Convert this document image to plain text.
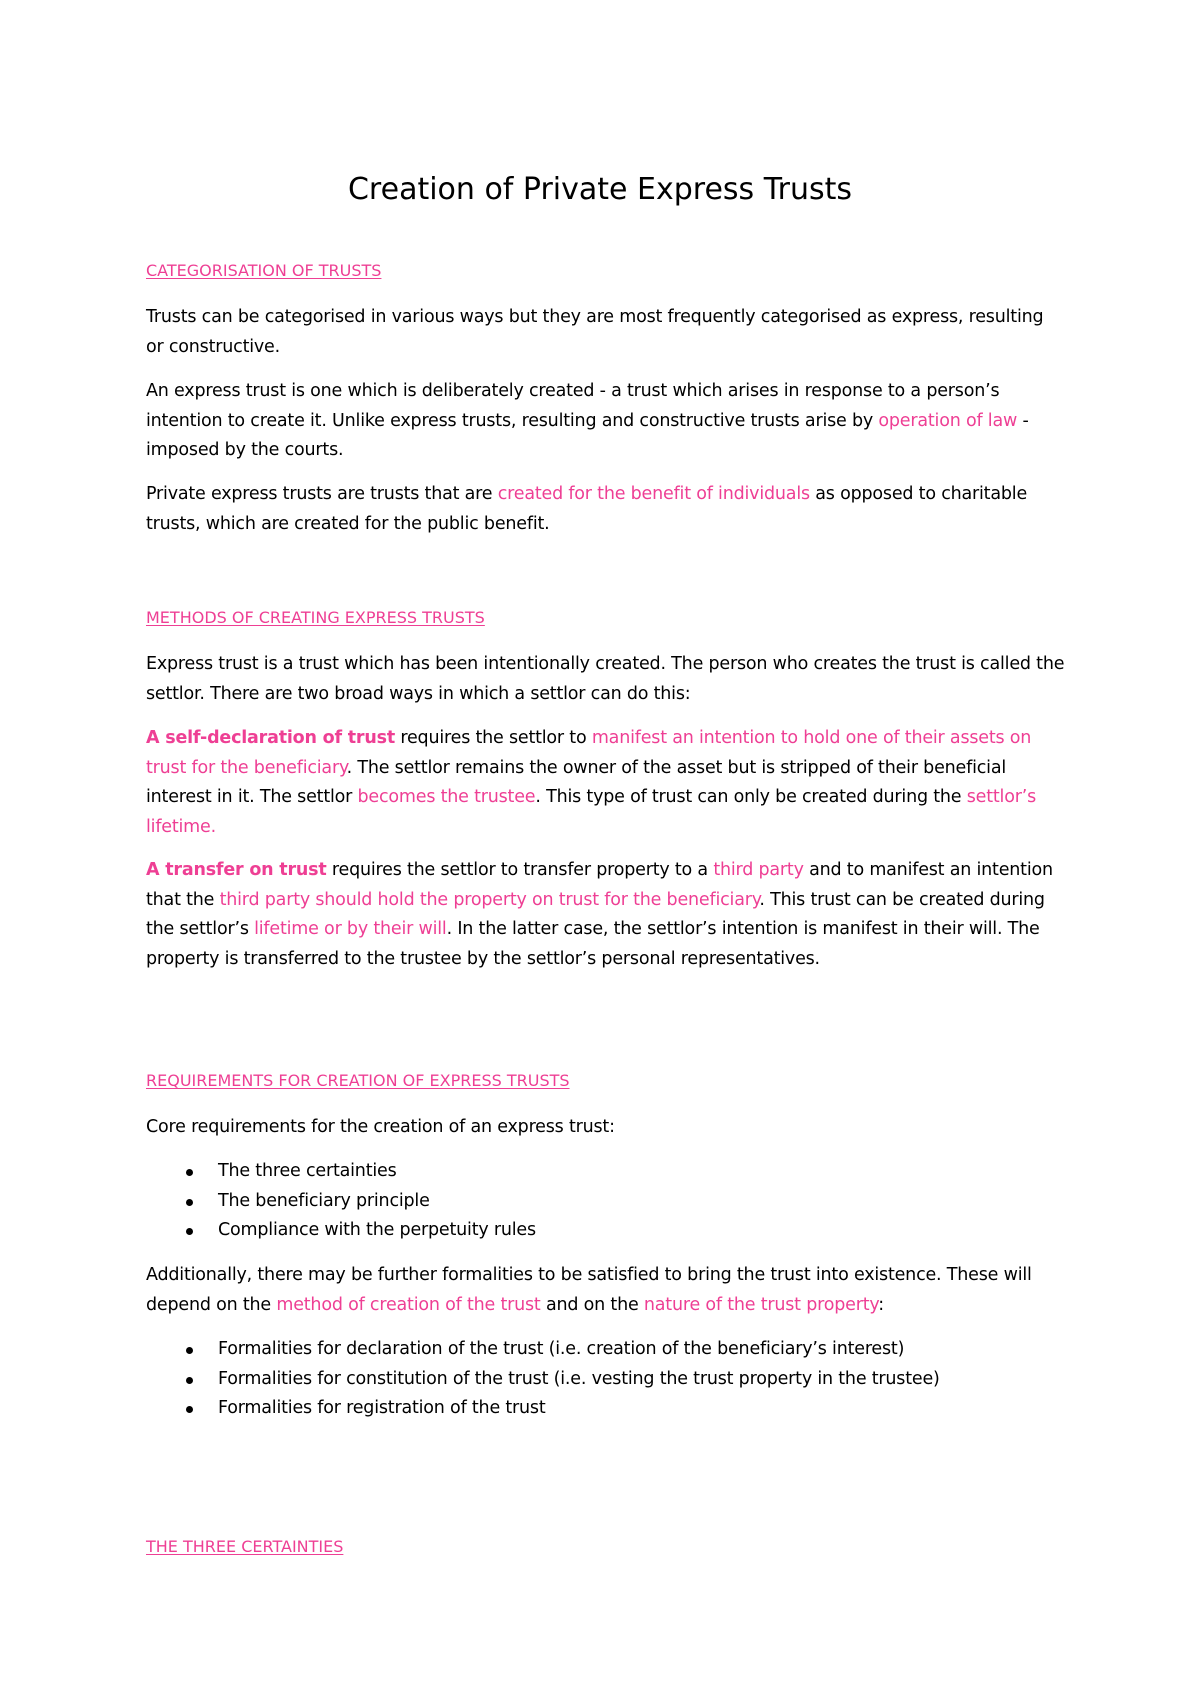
Creation of Private Express Trusts
CATEGORISATION OF TRUSTS

Trusts can be categorised in various ways but they are most frequently categorised as express, resulting or constructive.

An express trust is one which is deliberately created - a trust which arises in response to a person’s intention to create it. Unlike express trusts, resulting and constructive trusts arise by operation of law - imposed by the courts.

Private express trusts are trusts that are created for the benefit of individuals as opposed to charitable trusts, which are created for the public benefit.

METHODS OF CREATING EXPRESS TRUSTS

Express trust is a trust which has been intentionally created. The person who creates the trust is called the settlor. There are two broad ways in which a settlor can do this:

A self-declaration of trust requires the settlor to manifest an intention to hold one of their assets on trust for the beneficiary. The settlor remains the owner of the asset but is stripped of their beneficial interest in it. The settlor becomes the trustee. This type of trust can only be created during the settlor’s lifetime.

A transfer on trust requires the settlor to transfer property to a third party and to manifest an intention that the third party should hold the property on trust for the beneficiary. This trust can be created during the settlor’s lifetime or by their will. In the latter case, the settlor’s intention is manifest in their will. The property is transferred to the trustee by the settlor’s personal representatives.

REQUIREMENTS FOR CREATION OF EXPRESS TRUSTS

Core requirements for the creation of an express trust:

The three certainties
The beneficiary principle
Compliance with the perpetuity rules

Additionally, there may be further formalities to be satisfied to bring the trust into existence. These will depend on the method of creation of the trust and on the nature of the trust property:

Formalities for declaration of the trust (i.e. creation of the beneficiary’s interest)
Formalities for constitution of the trust (i.e. vesting the trust property in the trustee)
Formalities for registration of the trust
THE THREE CERTAINTIES
